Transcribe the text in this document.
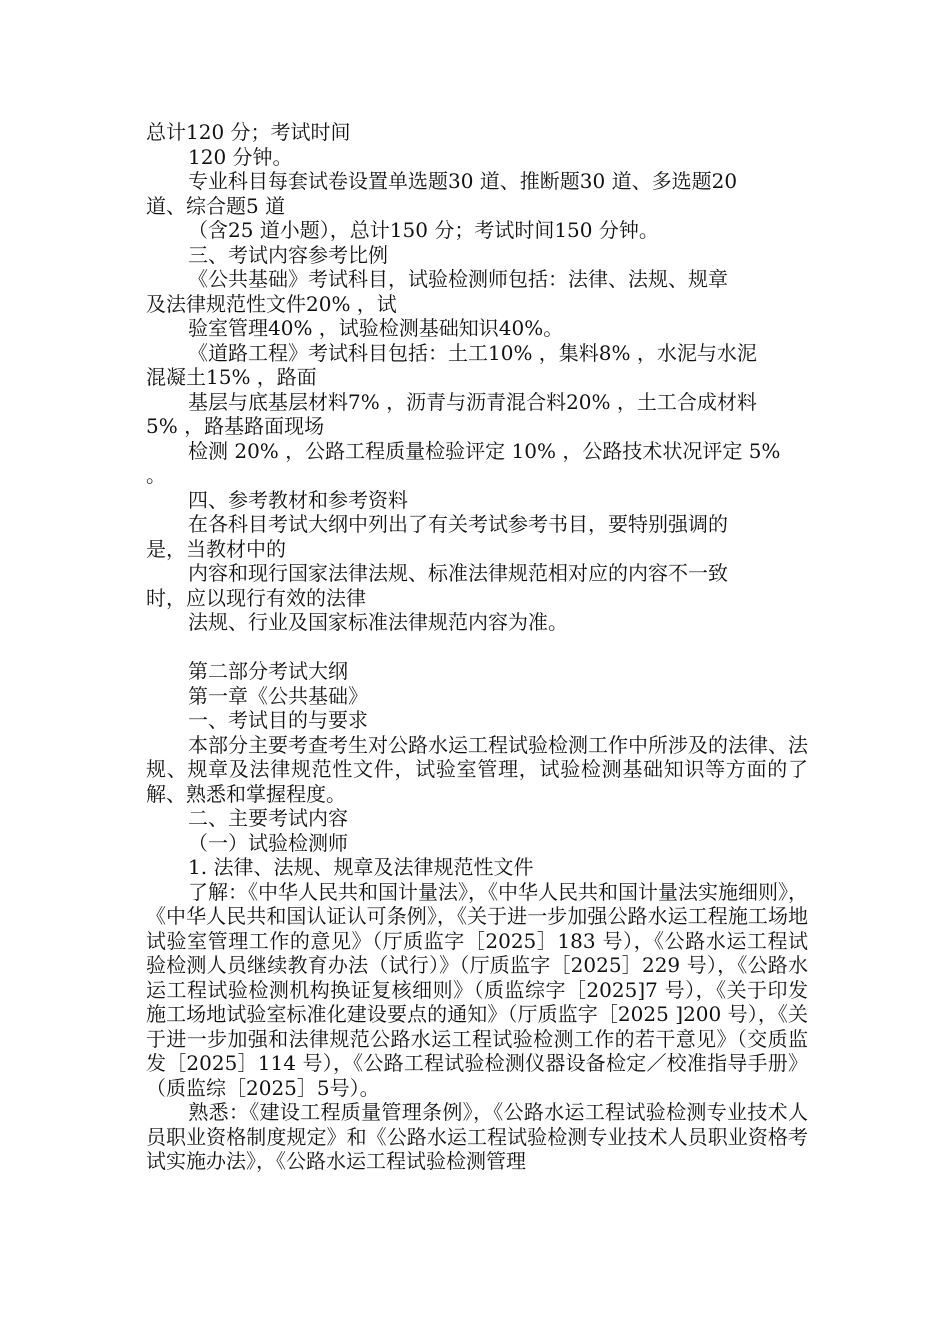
总计120 分；考试时间

120 分钟。

专业科目每套试卷设置单选题30 道、推断题30 道、多选题20

道、综合题5 道

（含25 道小题），总计150 分；考试时间150 分钟。

三、考试内容参考比例

《公共基础》考试科目，试验检测师包括：法律、法规、规章

及法律规范性文件20% ，试

验室管理40% ，试验检测基础知识40%。

《道路工程》考试科目包括：土工10% ，集料8% ，水泥与水泥

混凝土15% ，路面

基层与底基层材料7% ，沥青与沥青混合料20% ，土工合成材料

5% ，路基路面现场

检测 20% ，公路工程质量检验评定 10% ，公路技术状况评定 5%

。

四、参考教材和参考资料

在各科目考试大纲中列出了有关考试参考书目，要特别强调的

是，当教材中的

内容和现行国家法律法规、标准法律规范相对应的内容不一致

时，应以现行有效的法律

法规、行业及国家标准法律规范内容为准。

第二部分考试大纲

第一章《公共基础》

一、考试目的与要求

本部分主要考查考生对公路水运工程试验检测工作中所涉及的法律、法规、规章及法律规范性文件，试验室管理，试验检测基础知识等方面的了解、熟悉和掌握程度。

二、主要考试内容

（一）试验检测师

1. 法律、法规、规章及法律规范性文件

了解：《中华人民共和国计量法》，《中华人民共和国计量法实施细则》，《中华人民共和国认证认可条例》，《关于进一步加强公路水运工程施工场地试验室管理工作的意见》（厅质监字［2025］183 号），《公路水运工程试验检测人员继续教育办法（试行）》（厅质监字［2025］229 号），《公路水运工程试验检测机构换证复核细则》（质监综字［2025]7 号），《关于印发施工场地试验室标准化建设要点的通知》（厅质监字［2025 ]200 号），《关于进一步加强和法律规范公路水运工程试验检测工作的若干意见》（交质监发［2025］114 号），《公路工程试验检测仪器设备检定／校准指导手册》（质监综［2025］5号）。

熟悉：《建设工程质量管理条例》，《公路水运工程试验检测专业技术人员职业资格制度规定》和《公路水运工程试验检测专业技术人员职业资格考试实施办法》，《公路水运工程试验检测管理
